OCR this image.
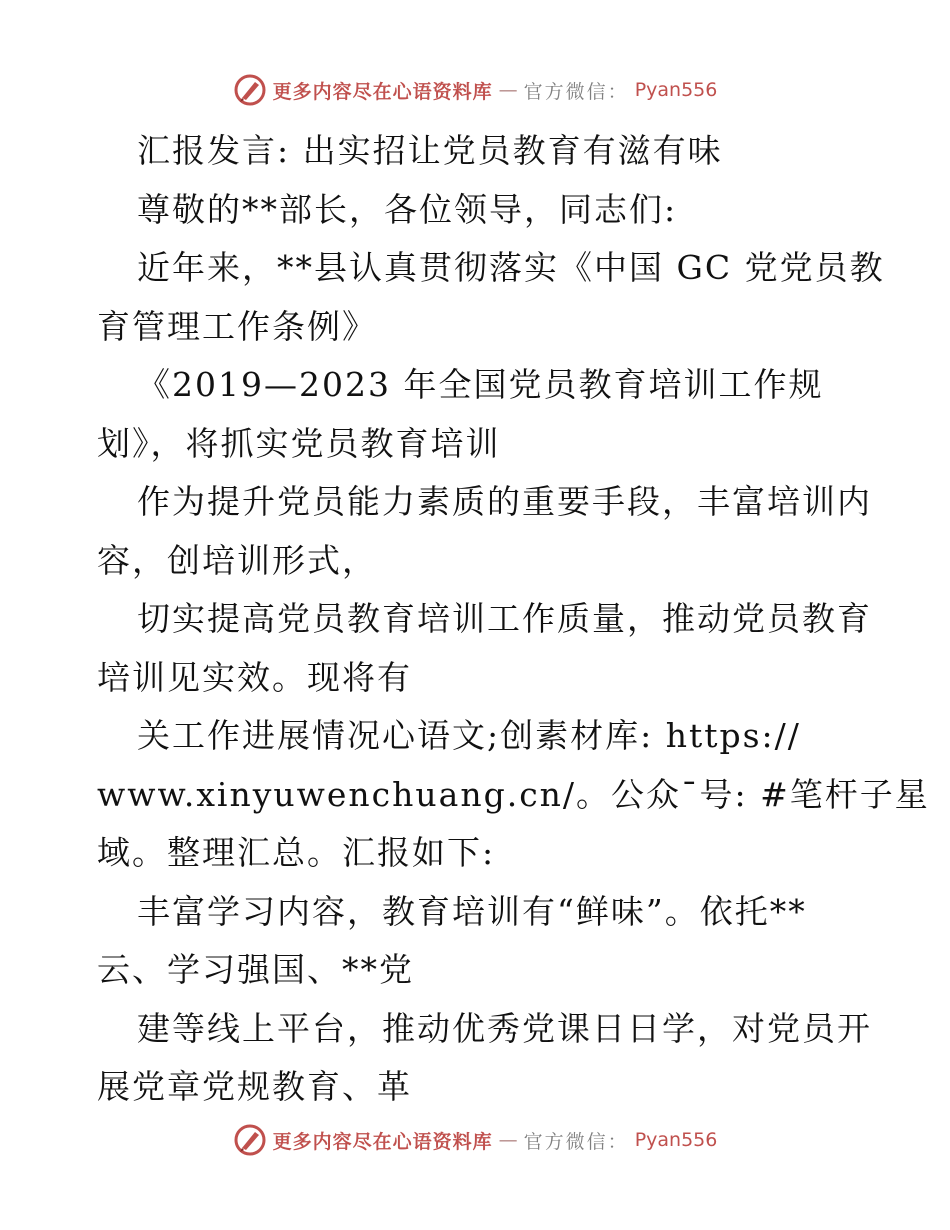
更多内容尽在心语资料库 — 官方微信： Pyan556
汇报发言: 出实招让党员教育有滋有味
尊敬的**部长，各位领导，同志们:
近年来，**县认真贯彻落实《中国 GC 党党员教
育管理工作条例》
《2019—2023 年全国党员教育培训工作规
划》，将抓实党员教育培训
作为提升党员能力素质的重要手段，丰富培训内
容，创培训形式，
切实提高党员教育培训工作质量，推动党员教育
培训见实效。现将有
关工作进展情况心语文;创素材库: https://
www.xinyuwenchuang.cn/。公众¯号: #笔杆子星
域。整理汇总。汇报如下:
丰富学习内容，教育培训有“鲜味”。依托**
云、学习强国、**党
建等线上平台，推动优秀党课日日学，对党员开
展党章党规教育、革
更多内容尽在心语资料库 — 官方微信： Pyan556
